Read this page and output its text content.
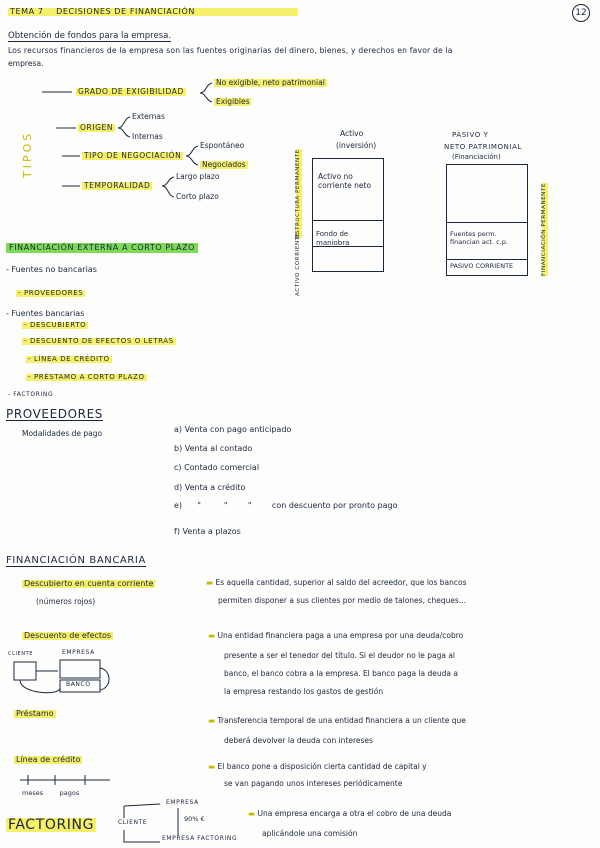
TEMA 7 DECISIONES DE FINANCIACIÓN	12
Obtención de fondos para la empresa.
Los recursos financieros de la empresa son las fuentes originarias del dinero, bienes, y derechos en favor de la
empresa.
TIPOS
GRADO DE EXIGIBILIDAD
No exigible, neto patrimonial
Exigibles
ORIGEN
Externas
Internas
TIPO DE NEGOCIACIÓN
Espontáneo
Negociados
TEMPORALIDAD
Largo plazo
Corto plazo
Activo
(inversión)
Activo no corriente neto
Fondo de maniobra
PASIVO Y
NETO PATRIMONIAL
(Financiación)
Fuentes perm. financian act. c.p.
PASIVO CORRIENTE
ESTRUCTURA PERMANENTE
ACTIVO CORRIENTE	FINANCIACIÓN PERMANENTE
FINANCIACIÓN EXTERNA A CORTO PLAZO
- Fuentes no bancarias
- PROVEEDORES
- Fuentes bancarias
- DESCUBIERTO
- DESCUENTO DE EFECTOS O LETRAS
- LÍNEA DE CRÉDITO
- PRÉSTAMO A CORTO PLAZO
- FACTORING
PROVEEDORES
Modalidades de pago	a) Venta con pago anticipado
b) Venta al contado
c) Contado comercial
d) Venta a crédito
e)      "         "        "        con descuento por pronto pago
f) Venta a plazos
FINANCIACIÓN BANCARIA
Descubierto en cuenta corriente
(números rojos)
▬ Es aquella cantidad, superior al saldo del acreedor, que los bancos
permiten disponer a sus clientes por medio de talones, cheques...
Descuento de efectos
CLIENTE	EMPRESA
BANCO
▬ Una entidad financiera paga a una empresa por una deuda/cobro
presente a ser el tenedor del título. Si el deudor no le paga al
banco, el banco cobra a la empresa. El banco paga la deuda a
la empresa restando los gastos de gestión
Préstamo
▬ Transferencia temporal de una entidad financiera a un cliente que
deberá devolver la deuda con intereses
Línea de crédito
meses        pagos
▬ El banco pone a disposición cierta cantidad de capital y
se van pagando unos intereses periódicamente
FACTORING	CLIENTE
EMPRESA
90% €
EMPRESA FACTORING
▬ Una empresa encarga a otra el cobro de una deuda
aplicándole una comisión
